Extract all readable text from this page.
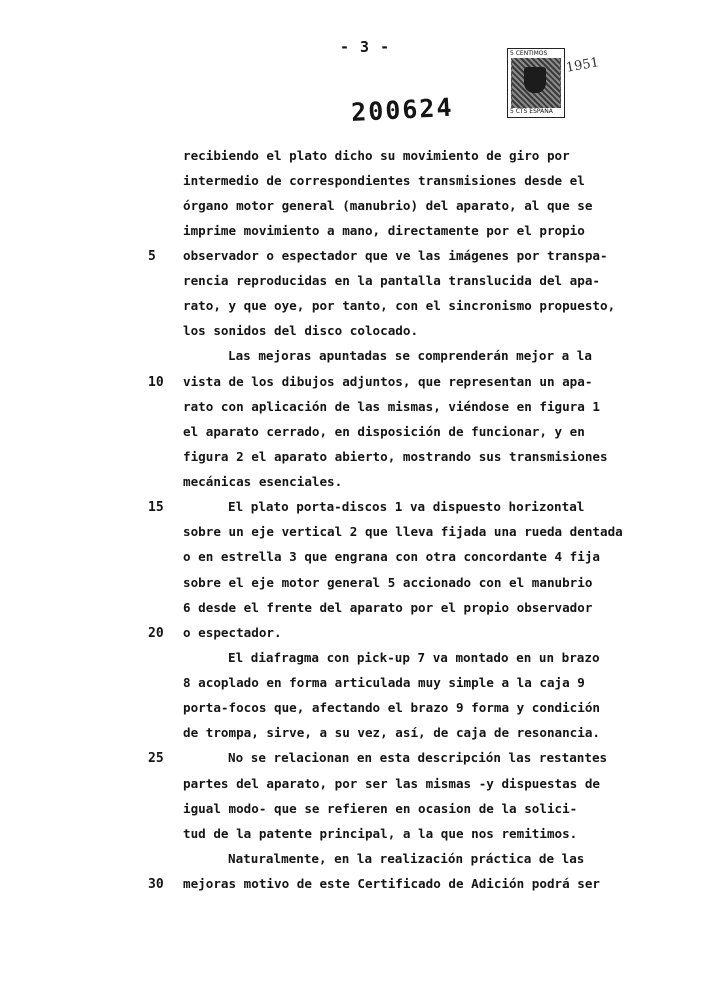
- 3 -
200624
5 CENTIMOS
5 CTS ESPAÑA
1951
recibiendo el plato dicho su movimiento de giro por
intermedio de correspondientes transmisiones desde el
órgano motor general (manubrio) del aparato, al que se
imprime movimiento a mano, directamente por el propio
observador o espectador que ve las imágenes por transpa-
rencia reproducidas en la pantalla translucida del apa-
rato, y que oye, por tanto, con el sincronismo propuesto,
los sonidos del disco colocado.
Las mejoras apuntadas se comprenderán mejor a la
vista de los dibujos adjuntos, que representan un apa-
rato con aplicación de las mismas, viéndose en figura 1
el aparato cerrado, en disposición de funcionar, y en
figura 2 el aparato abierto, mostrando sus transmisiones
mecánicas esenciales.
El plato porta-discos 1 va dispuesto horizontal
sobre un eje vertical 2 que lleva fijada una rueda dentada
o en estrella 3 que engrana con otra concordante 4 fija
sobre el eje motor general 5 accionado con el manubrio
6 desde el frente del aparato por el propio observador
o espectador.
El diafragma con pick-up 7 va montado en un brazo
8 acoplado en forma articulada muy simple a la caja 9
porta-focos que, afectando el brazo 9 forma y condición
de trompa, sirve, a su vez, así, de caja de resonancia.
No se relacionan en esta descripción las restantes
partes del aparato, por ser las mismas -y dispuestas de
igual modo- que se refieren en ocasion de la solici-
tud de la patente principal, a la que nos remitimos.
Naturalmente, en la realización práctica de las
mejoras motivo de este Certificado de Adición podrá ser
5
10
15
20
25
30
